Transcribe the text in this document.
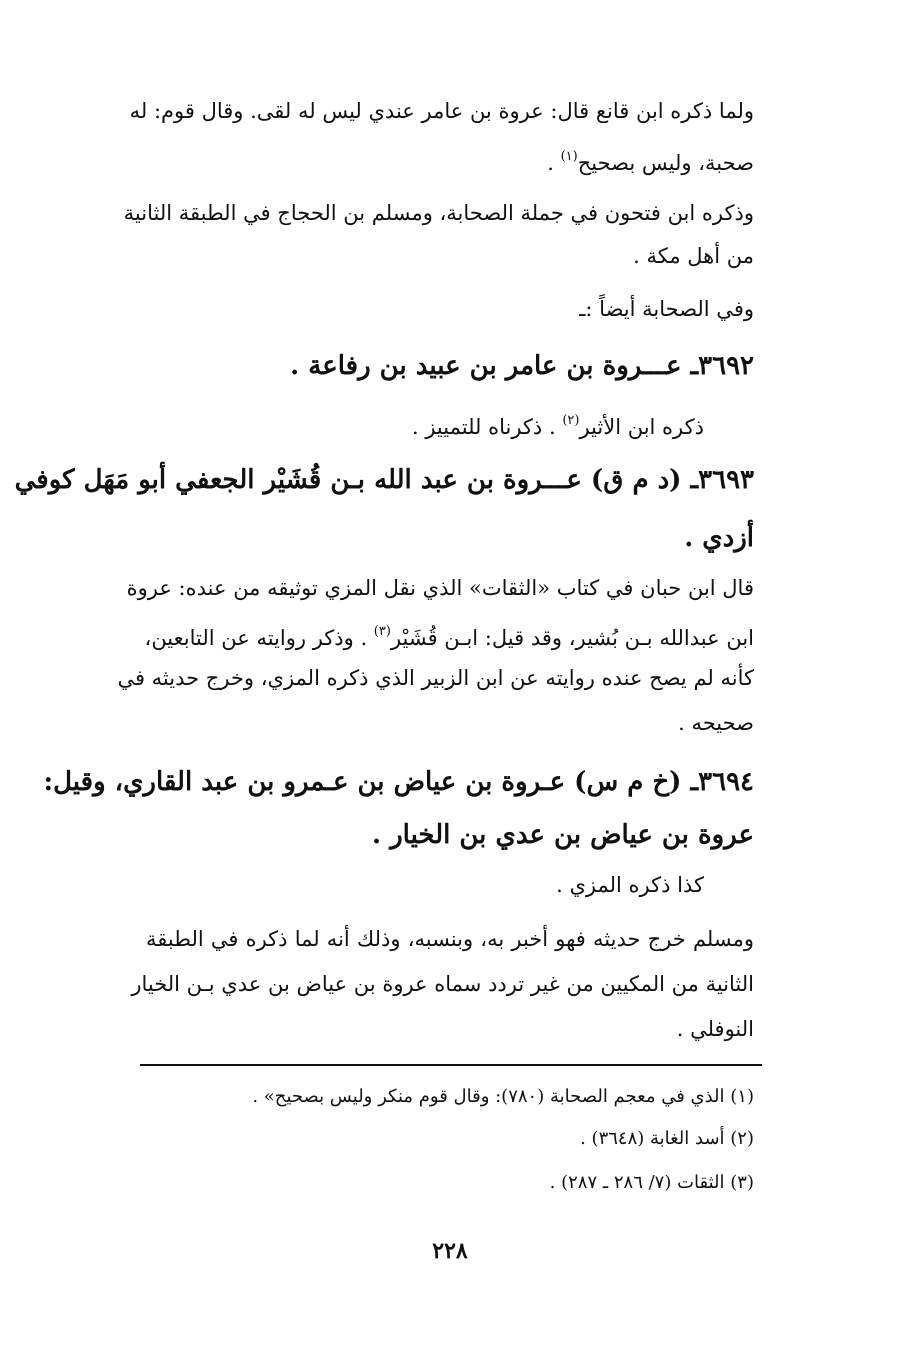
ولما ذكره ابن قانع قال: عروة بن عامر عندي ليس له لقى. وقال قوم: له
صحبة، وليس بصحيح$^{(١)}$ .
وذكره ابن فتحون في جملة الصحابة، ومسلم بن الحجاج في الطبقة الثانية
من أهل مكة .
وفي الصحابة أيضاً :ـ
٣٦٩٢ـ عـــروة بن عامر بن عبيد بن رفاعة .
ذكره ابن الأثير$^{(٢)}$ . ذكرناه للتمييز .
٣٦٩٣ـ (د م ق) عـــروة بن عبد الله بـن قُشَيْر الجعفي أبو مَهَل كوفي
أزدي .
قال ابن حبان في كتاب «الثقات» الذي نقل المزي توثيقه من عنده: عروة
ابن عبدالله بـن بُشير، وقد قيل: ابـن قُشَيْر$^{(٣)}$ . وذكر روايته عن التابعين،
كأنه لم يصح عنده روايته عن ابن الزبير الذي ذكره المزي، وخرج حديثه في
صحيحه .
٣٦٩٤ـ (خ م س) عـروة بن عياض بن عـمرو بن عبد القاري، وقيل:
عروة بن عياض بن عدي بن الخيار .
كذا ذكره المزي .
ومسلم خرج حديثه فهو أخبر به، وبنسبه، وذلك أنه لما ذكره في الطبقة
الثانية من المكيين من غير تردد سماه عروة بن عياض بن عدي بـن الخيار
النوفلي .
(١) الذي في معجم الصحابة (٧٨٠): وقال قوم منكر وليس بصحيح» .
(٢) أسد الغابة (٣٦٤٨) .
(٣) الثقات (٧/ ٢٨٦ ـ ٢٨٧) .
٢٢٨
